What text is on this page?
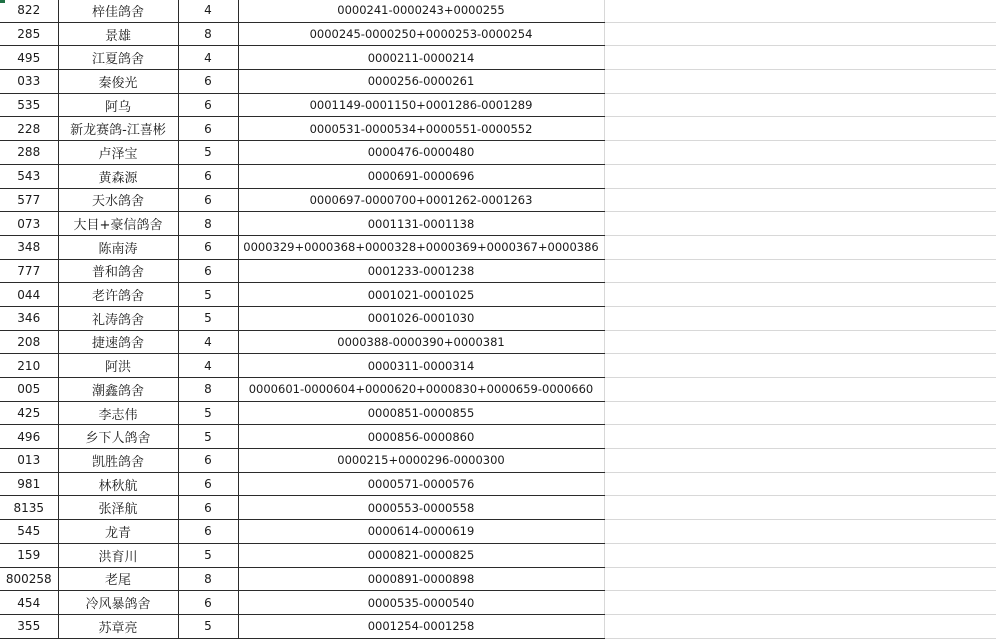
822	梓佳鸽舍	4	0000241-0000243+0000255		
285	景雄	8	0000245-0000250+0000253-0000254		
495	江夏鸽舍	4	0000211-0000214		
033	秦俊光	6	0000256-0000261		
535	阿乌	6	0001149-0001150+0001286-0001289		
228	新龙赛鸽-江喜彬	6	0000531-0000534+0000551-0000552		
288	卢泽宝	5	0000476-0000480		
543	黄森源	6	0000691-0000696		
577	天水鸽舍	6	0000697-0000700+0001262-0001263		
073	大目+豪信鸽舍	8	0001131-0001138		
348	陈南涛	6	0000329+0000368+0000328+0000369+0000367+0000386		
777	普和鸽舍	6	0001233-0001238		
044	老许鸽舍	5	0001021-0001025		
346	礼涛鸽舍	5	0001026-0001030		
208	捷速鸽舍	4	0000388-0000390+0000381		
210	阿洪	4	0000311-0000314		
005	潮鑫鸽舍	8	0000601-0000604+0000620+0000830+0000659-0000660		
425	李志伟	5	0000851-0000855		
496	乡下人鸽舍	5	0000856-0000860		
013	凯胜鸽舍	6	0000215+0000296-0000300		
981	林秋航	6	0000571-0000576		
8135	张泽航	6	0000553-0000558		
545	龙青	6	0000614-0000619		
159	洪育川	5	0000821-0000825		
800258	老尾	8	0000891-0000898		
454	冷风暴鸽舍	6	0000535-0000540		
355	苏章亮	5	0001254-0001258		
